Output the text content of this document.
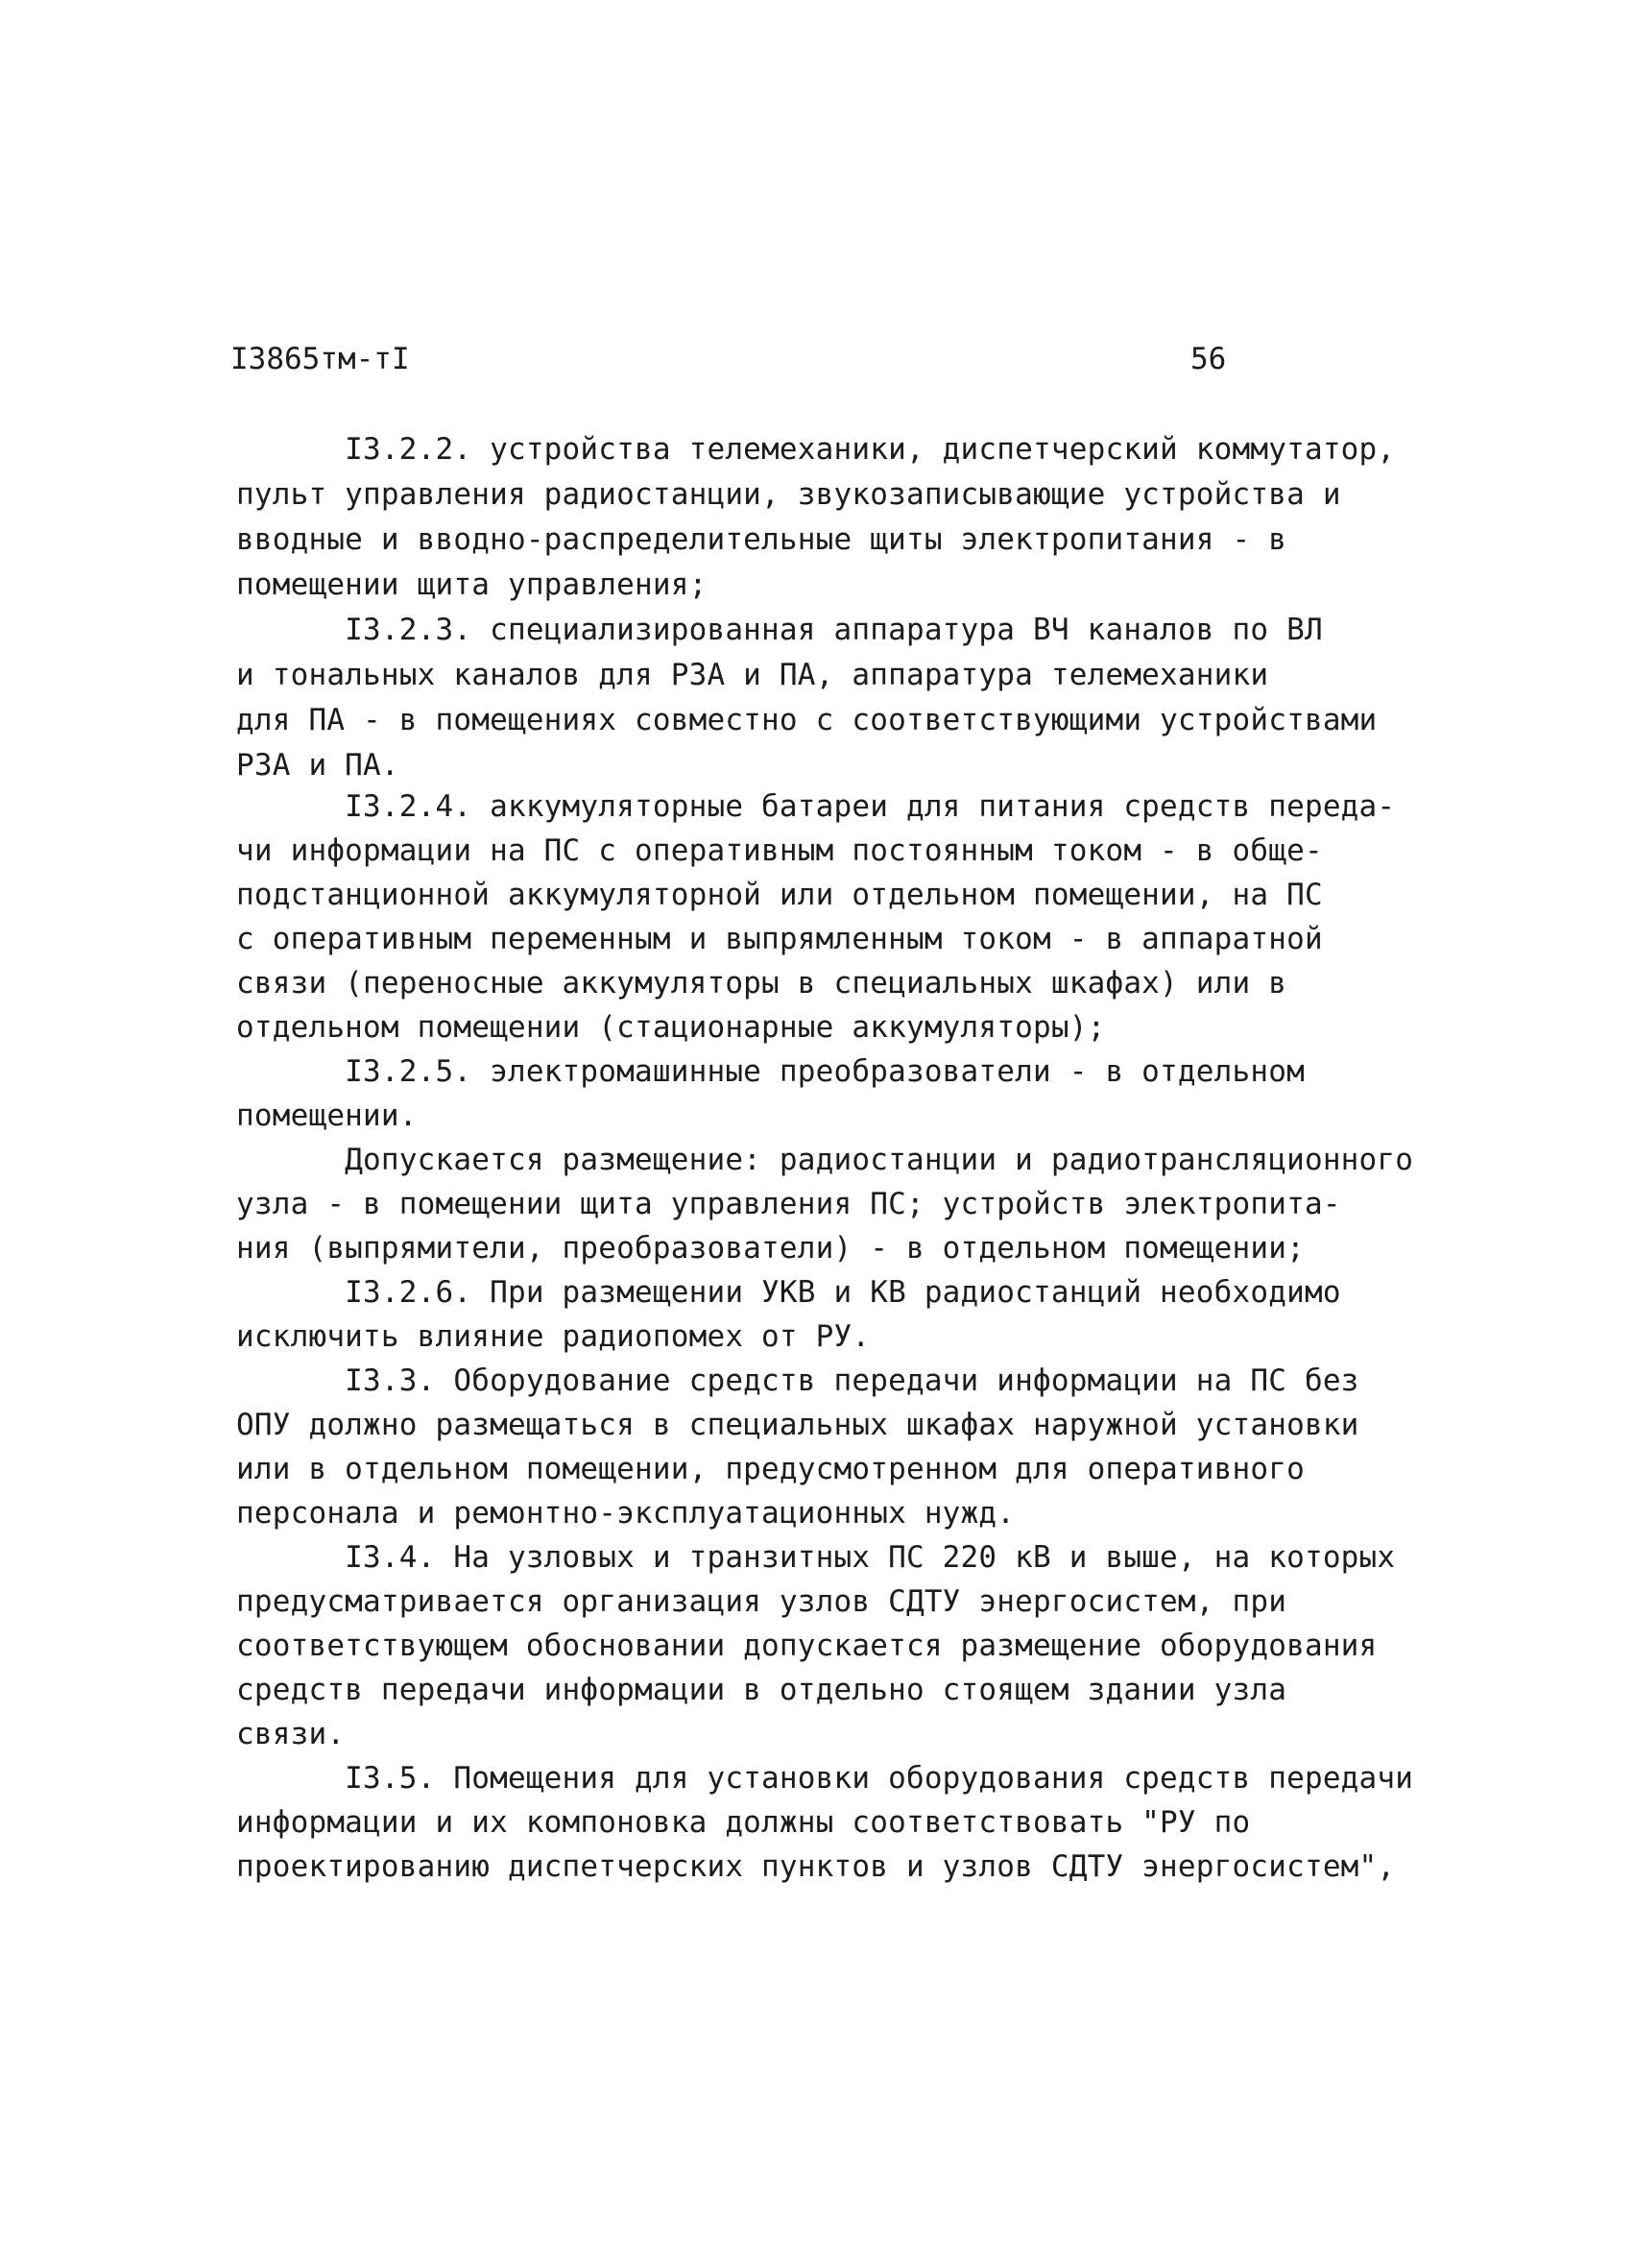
I3865тм-тI	56
I3.2.2. устройства телемеханики, диспетчерский коммутатор,
пульт управления радиостанции, звукозаписывающие устройства и
вводные и вводно-распределительные щиты электропитания - в
помещении щита управления;
I3.2.3. специализированная аппаратура ВЧ каналов по ВЛ
и тональных каналов для РЗА и ПА, аппаратура телемеханики
для ПА - в помещениях совместно с соответствующими устройствами
РЗА и ПА.
I3.2.4. аккумуляторные батареи для питания средств переда-
чи информации на ПС с оперативным постоянным током - в обще-
подстанционной аккумуляторной или отдельном помещении, на ПС
с оперативным переменным и выпрямленным током - в аппаратной
связи (переносные аккумуляторы в специальных шкафах) или в
отдельном помещении (стационарные аккумуляторы);
I3.2.5. электромашинные преобразователи - в отдельном
помещении.
Допускается размещение: радиостанции и радиотрансляционного
узла - в помещении щита управления ПС; устройств электропита-
ния (выпрямители, преобразователи) - в отдельном помещении;
I3.2.6. При размещении УКВ и КВ радиостанций необходимо
исключить влияние радиопомех от РУ.
I3.3. Оборудование средств передачи информации на ПС без
ОПУ должно размещаться в специальных шкафах наружной установки
или в отдельном помещении, предусмотренном для оперативного
персонала и ремонтно-эксплуатационных нужд.
I3.4. На узловых и транзитных ПС 220 кВ и выше, на которых
предусматривается организация узлов СДТУ энергосистем, при
соответствующем обосновании допускается размещение оборудования
средств передачи информации в отдельно стоящем здании узла
связи.
I3.5. Помещения для установки оборудования средств передачи
информации и их компоновка должны соответствовать "РУ по
проектированию диспетчерских пунктов и узлов СДТУ энергосистем",
